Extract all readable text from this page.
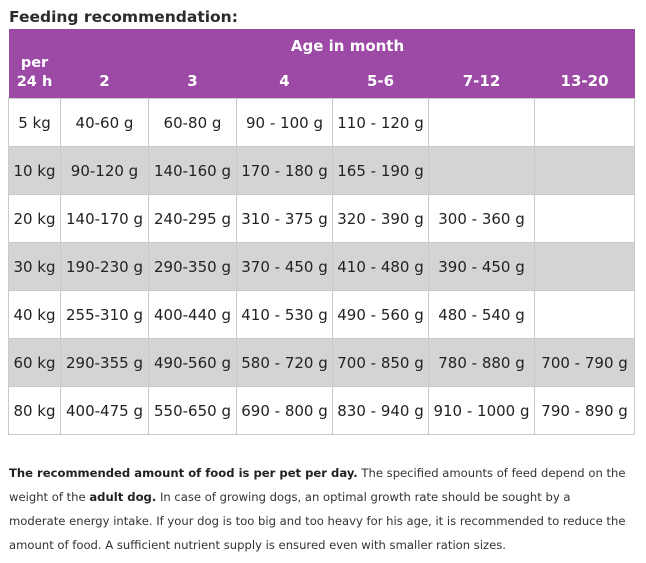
Feeding recommendation:
per
24 h	Age in month					
	2	3	4	5-6	7-12	13-20
5 kg	40-60 g	60-80 g	90 - 100 g	110 - 120 g		
10 kg	90-120 g	140-160 g	170 - 180 g	165 - 190 g		
20 kg	140-170 g	240-295 g	310 - 375 g	320 - 390 g	300 - 360 g	
30 kg	190-230 g	290-350 g	370 - 450 g	410 - 480 g	390 - 450 g	
40 kg	255-310 g	400-440 g	410 - 530 g	490 - 560 g	480 - 540 g	
60 kg	290-355 g	490-560 g	580 - 720 g	700 - 850 g	780 - 880 g	700 - 790 g
80 kg	400-475 g	550-650 g	690 - 800 g	830 - 940 g	910 - 1000 g	790 - 890 g

The recommended amount of food is per pet per day. The specified amounts of feed depend on the weight of the adult dog. In case of growing dogs, an optimal growth rate should be sought by a moderate energy intake. If your dog is too big and too heavy for his age, it is recommended to reduce the amount of food. A sufficient nutrient supply is ensured even with smaller ration sizes.
